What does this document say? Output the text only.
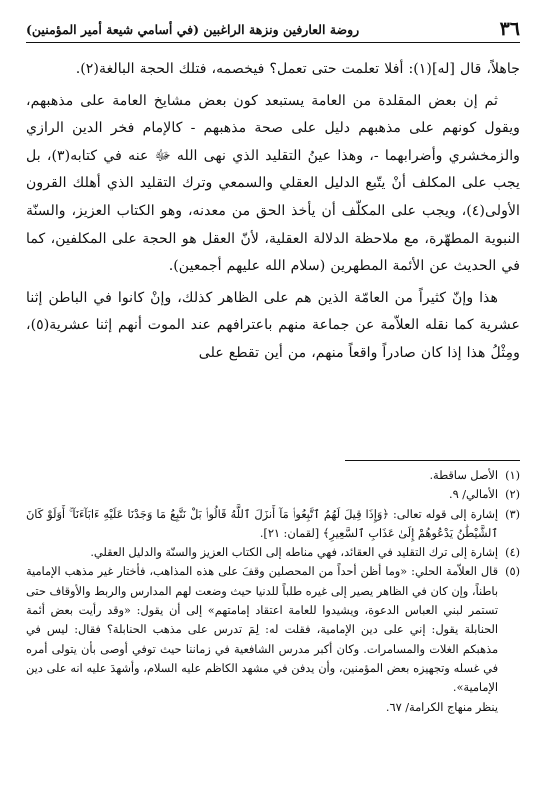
٣٦
روضة العارفين ونزهة الراغبين (في أسامي شيعة أمير المؤمنين)

جاهلاً، قال [له](١): أفلا تعلمت حتى تعمل؟ فيخصمه، فتلك الحجة البالغة(٢).

ثم إن بعض المقلدة من العامة يستبعد كون بعض مشايخ العامة على مذهبهم، ويقول كونهم على مذهبهم دليل على صحة مذهبهم - كالإمام فخر الدين الرازي والزمخشري وأضرابهما -، وهذا عينُ التقليد الذي نهى الله ﷻ عنه في كتابه(٣)، بل يجب على المكلف أنْ يتّبع الدليل العقلي والسمعي وترك التقليد الذي أهلك القرون الأولى(٤)، ويجب على المكلّف أن يأخذ الحق من معدنه، وهو الكتاب العزيز، والسنّة النبوية المطهّرة، مع ملاحظة الدلالة العقلية، لأنّ العقل هو الحجة على المكلفين، كما في الحديث عن الأئمة المطهرين (سلام الله عليهم أجمعين).

هذا وإنّ كثيراً من العامّة الذين هم على الظاهر كذلك، وإنْ كانوا في الباطن إثنا عشرية كما نقله العلاّمة عن جماعة منهم باعترافهم عند الموت أنهم إثنا عشرية(٥)، ومِثْلُ هذا إذا كان صادراً واقعاً منهم، من أين تقطع على

(١)
الأصل ساقطة.

(٢)
الأمالي/ ٩.

(٣)
إشارة إلى قوله تعالى: ﴿وَإِذَا قِيلَ لَهُمُ ٱتَّبِعُوا۟ مَآ أَنزَلَ ٱللَّهُ قَالُوا۟ بَلْ نَتَّبِعُ مَا وَجَدْنَا عَلَيْهِ ءَابَآءَنَآ ۚ أَوَلَوْ كَانَ ٱلشَّيْطَٰنُ يَدْعُوهُمْ إِلَىٰ عَذَابِ ٱلسَّعِيرِ﴾ [لقمان: ٢١].

(٤)
إشارة إلى ترك التقليد في العقائد، فهي مناطه إلى الكتاب العزيز والسنّة والدليل العقلي.

(٥)
قال العلاّمة الحلي: «وما أظن أحداً من المحصلين وقفَ على هذه المذاهب، فأختار غير مذهب الإمامية باطناً، وإن كان في الظاهر يصير إلى غيره طلباً للدنيا حيث وضعت لهم المدارس والربط والأوقاف حتى تستمر لبني العباس الدعوة، ويشيدوا للعامة اعتقاد إمامتهم» إلى أن يقول: «وقد رأيت بعض أئمة الحنابلة يقول: إني على دين الإمامية، فقلت له: لِمَ تدرس على مذهب الحنابلة؟ فقال: ليس في مذهبكم الغلات والمسامرات. وكان أكبر مدرس الشافعية في زماننا حيث توفي أوصى بأن يتولى أمره في غسله وتجهيزه بعض المؤمنين، وأن يدفن في مشهد الكاظم عليه السلام، وأشهدَ عليه انه على دين الإمامية».

ينظر منهاج الكرامة/ ٦٧.
